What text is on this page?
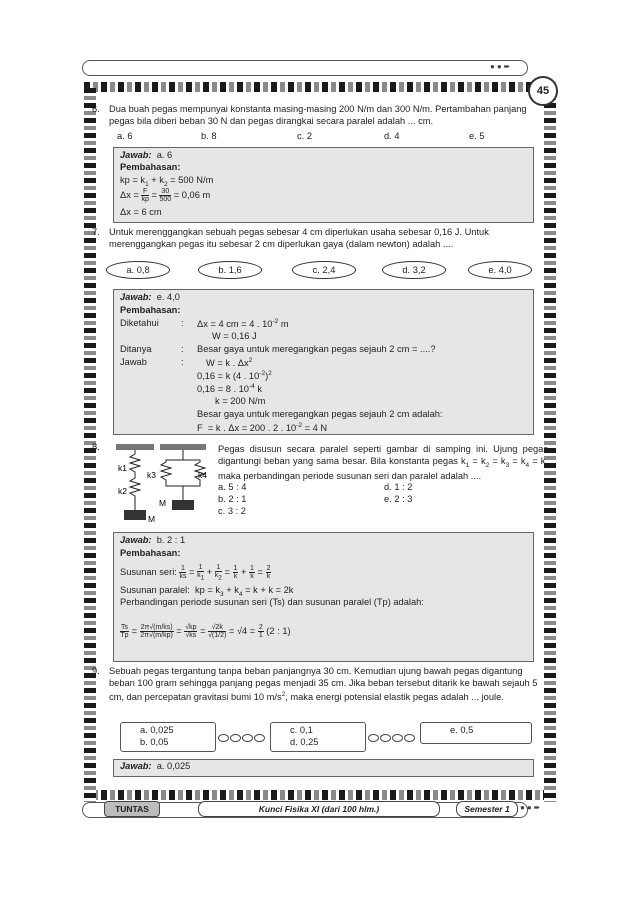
●●➨
45
6. Dua buah pegas mempunyai konstanta masing-masing 200 N/m dan 300 N/m. Pertambahan panjang pegas bila diberi beban 30 N dan pegas dirangkai secara paralel adalah ... cm.
a. 6	b. 8	c. 2	d. 4	e. 5
Jawab: a. 6
Pembahasan:
kp = $k_1 + k_2 = 500$ N/m
$\Delta x = \frac{F}{kp} = \frac{30}{500} = 0,06$ m
Δx = 6 cm
7. Untuk merenggangkan sebuah pegas sebesar 4 cm diperlukan usaha sebesar 0,16 J. Untuk merenggangkan pegas itu sebesar 2 cm diperlukan gaya (dalam newton) adalah ....
a. 0,8	b. 1,6	c. 2,4	d. 3,2	e. 4,0
Jawab: e. 4,0
Pembahasan:
Diketahui : Δx = 4 cm = 4 . $10^{-2}$ m
W = 0,16 J
Ditanya	: Besar gaya untuk meregangkan pegas sejauh 2 cm = ....?
Jawab	: W = k . $\Delta x^2$
0,16 = k (4 . $10^{-2})^2$
0,16 = 8 . $10^{-4}$ k
k = 200 N/m
Besar gaya untuk meregangkan pegas sejauh 2 cm adalah:
F  = k . Δx = 200 . 2 . $10^{-2} = 4$ N
8.
k1
k2
k3	k4
M
M
Pegas disusun secara paralel seperti gambar di samping ini. Ujung pegas digantungi beban yang sama besar. Bila konstanta pegas $k_1 = k_2 = k_3 = k_4 = k$, maka perbandingan periode susunan seri dan paralel adalah ....
a. 5 : 4
b. 2 : 1
c. 3 : 2
d. 1 : 2
e. 2 : 3
Jawab: b. 2 : 1
Pembahasan:
Susunan seri: $\frac{1}{ks} = \frac{1}{k_1} + \frac{1}{k_2} = \frac{1}{k} + \frac{1}{k} = \frac{2}{k}$
Susunan paralel:  kp = $k_3 + k_4 = k + k = 2k$
Perbandingan periode susunan seri (Ts) dan susunan paralel (Tp) adalah:
$\frac{Ts}{Tp} = \frac{2\pi√(m/ks)}{2\pi√(m/kp)} = \frac{√kp}{√ks} = \frac{√2k}{√(1/2)} = √4 = \frac{2}{1} (2$ : 1)
9. Sebuah pegas tergantung tanpa beban panjangnya 30 cm. Kemudian ujung bawah pegas digantung beban 100 gram sehingga panjang pegas menjadi 35 cm. Jika beban tersebut ditarik ke bawah sejauh 5 cm, dan percepatan gravitasi bumi 10 $m/s^2$, maka energi potensial elastik pegas adalah ... joule.
a. 0,025
b. 0,05
c. 0,1
d. 0,25
e. 0,5
Jawab: a. 0,025
TUNTAS	Kunci Fisika XI (dari 100 hlm.)	Semester 1	●●➨
